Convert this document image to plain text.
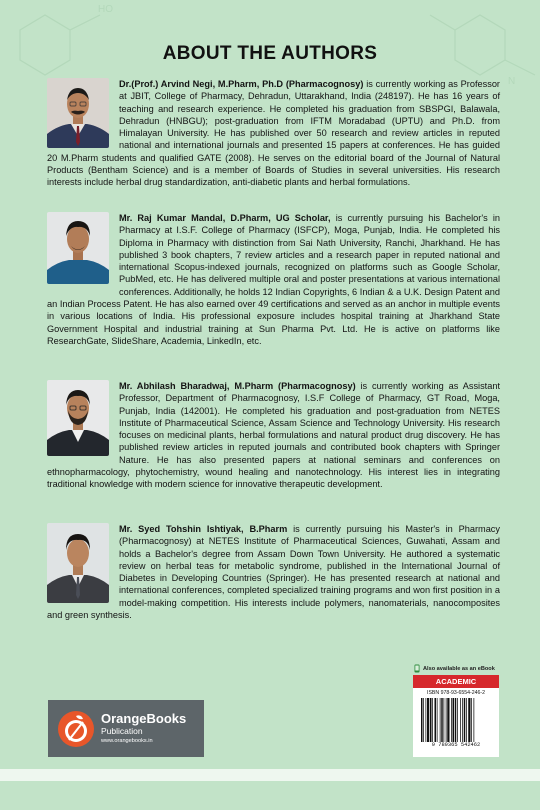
HO
N
ABOUT THE AUTHORS

Dr.(Prof.) Arvind Negi, M.Pharm, Ph.D (Pharmacognosy) is currently working as Professor at JBIT, College of Pharmacy, Dehradun, Uttarakhand, India (248197). He has 16 years of teaching and research experience. He completed his graduation from SBSPGI, Balawala, Dehradun (HNBGU); post-graduation from IFTM Moradabad (UPTU) and Ph.D. from Himalayan University. He has published over 50 research and review articles in reputed national and international journals and presented 15 papers at conferences. He has guided 20 M.Pharm students and qualified GATE (2008). He serves on the editorial board of the Journal of Natural Products (Bentham Science) and is a member of Boards of Studies in several universities. His research interests include herbal drug standardization, anti-diabetic plants and herbal formulations.

Mr. Raj Kumar Mandal, D.Pharm, UG Scholar, is currently pursuing his Bachelor's in Pharmacy at I.S.F. College of Pharmacy (ISFCP), Moga, Punjab, India. He completed his Diploma in Pharmacy with distinction from Sai Nath University, Ranchi, Jharkhand. He has published 3 book chapters, 7 review articles and a research paper in reputed national and international Scopus-indexed journals, recognized on platforms such as Google Scholar, PubMed, etc. He has delivered multiple oral and poster presentations at various international conferences. Additionally, he holds 12 Indian Copyrights, 6 Indian & a U.K. Design Patent and an Indian Process Patent. He has also earned over 49 certifications and served as an anchor in multiple events in various locations of India. His professional exposure includes hospital training at Jharkhand State Government Hospital and industrial training at Sun Pharma Pvt. Ltd. He is active on platforms like ResearchGate, SlideShare, Academia, LinkedIn, etc.

Mr. Abhilash Bharadwaj, M.Pharm (Pharmacognosy) is currently working as Assistant Professor, Department of Pharmacognosy, I.S.F College of Pharmacy, GT Road, Moga, Punjab, India (142001). He completed his graduation and post-graduation from NETES Institute of Pharmaceutical Science, Assam Science and Technology University. His research focuses on medicinal plants, herbal formulations and natural product drug discovery. He has published review articles in reputed journals and contributed book chapters with Springer Nature. He has also presented papers at national seminars and conferences on ethnopharmacology, phytochemistry, wound healing and nanotechnology. His interest lies in integrating traditional knowledge with modern science for innovative therapeutic development.

Mr. Syed Tohshin Ishtiyak, B.Pharm is currently pursuing his Master's in Pharmacy (Pharmacognosy) at NETES Institute of Pharmaceutical Sciences, Guwahati, Assam and holds a Bachelor's degree from Assam Down Town University. He authored a systematic review on herbal teas for metabolic syndrome, published in the International Journal of Diabetes in Developing Countries (Springer). He has presented research at national and international conferences, completed specialized training programs and won first position in a model-making competition. His interests include polymers, nanomaterials, nanocomposites and green synthesis.

Also available as an eBook
ACADEMIC
ISBN 978-93-6554-246-2
9 789365 542462
OrangeBooks
Publication
www.orangebooks.in
